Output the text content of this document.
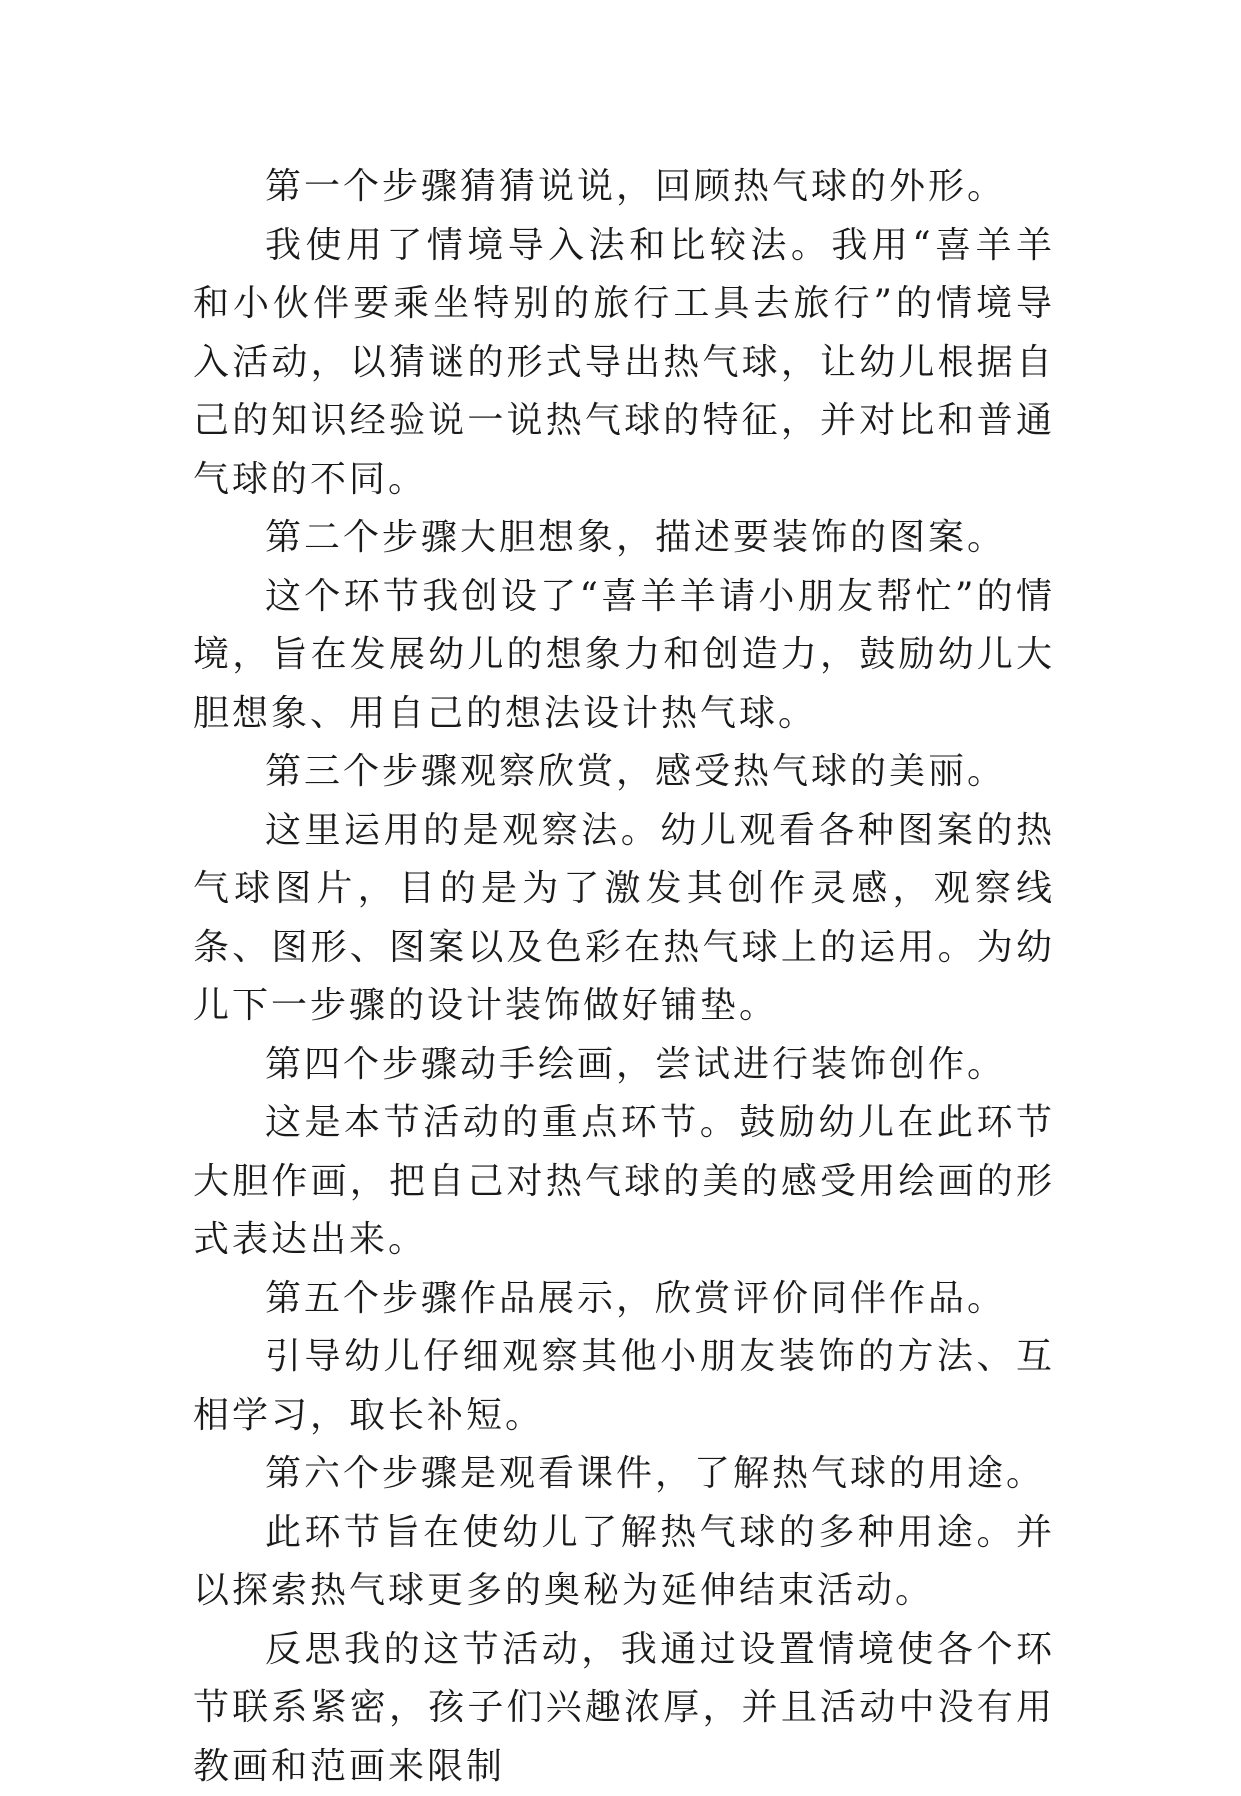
第一个步骤猜猜说说，回顾热气球的外形。

我使用了情境导入法和比较法。我用“喜羊羊和小伙伴要乘坐特别的旅行工具去旅行”的情境导入活动，以猜谜的形式导出热气球，让幼儿根据自己的知识经验说一说热气球的特征，并对比和普通气球的不同。

第二个步骤大胆想象，描述要装饰的图案。

这个环节我创设了“喜羊羊请小朋友帮忙”的情境，旨在发展幼儿的想象力和创造力，鼓励幼儿大胆想象、用自己的想法设计热气球。

第三个步骤观察欣赏，感受热气球的美丽。

这里运用的是观察法。幼儿观看各种图案的热气球图片，目的是为了激发其创作灵感，观察线条、图形、图案以及色彩在热气球上的运用。为幼儿下一步骤的设计装饰做好铺垫。

第四个步骤动手绘画，尝试进行装饰创作。

这是本节活动的重点环节。鼓励幼儿在此环节大胆作画，把自己对热气球的美的感受用绘画的形式表达出来。

第五个步骤作品展示，欣赏评价同伴作品。

引导幼儿仔细观察其他小朋友装饰的方法、互相学习，取长补短。

第六个步骤是观看课件，了解热气球的用途。

此环节旨在使幼儿了解热气球的多种用途。并以探索热气球更多的奥秘为延伸结束活动。

反思我的这节活动，我通过设置情境使各个环节联系紧密，孩子们兴趣浓厚，并且活动中没有用教画和范画来限制
